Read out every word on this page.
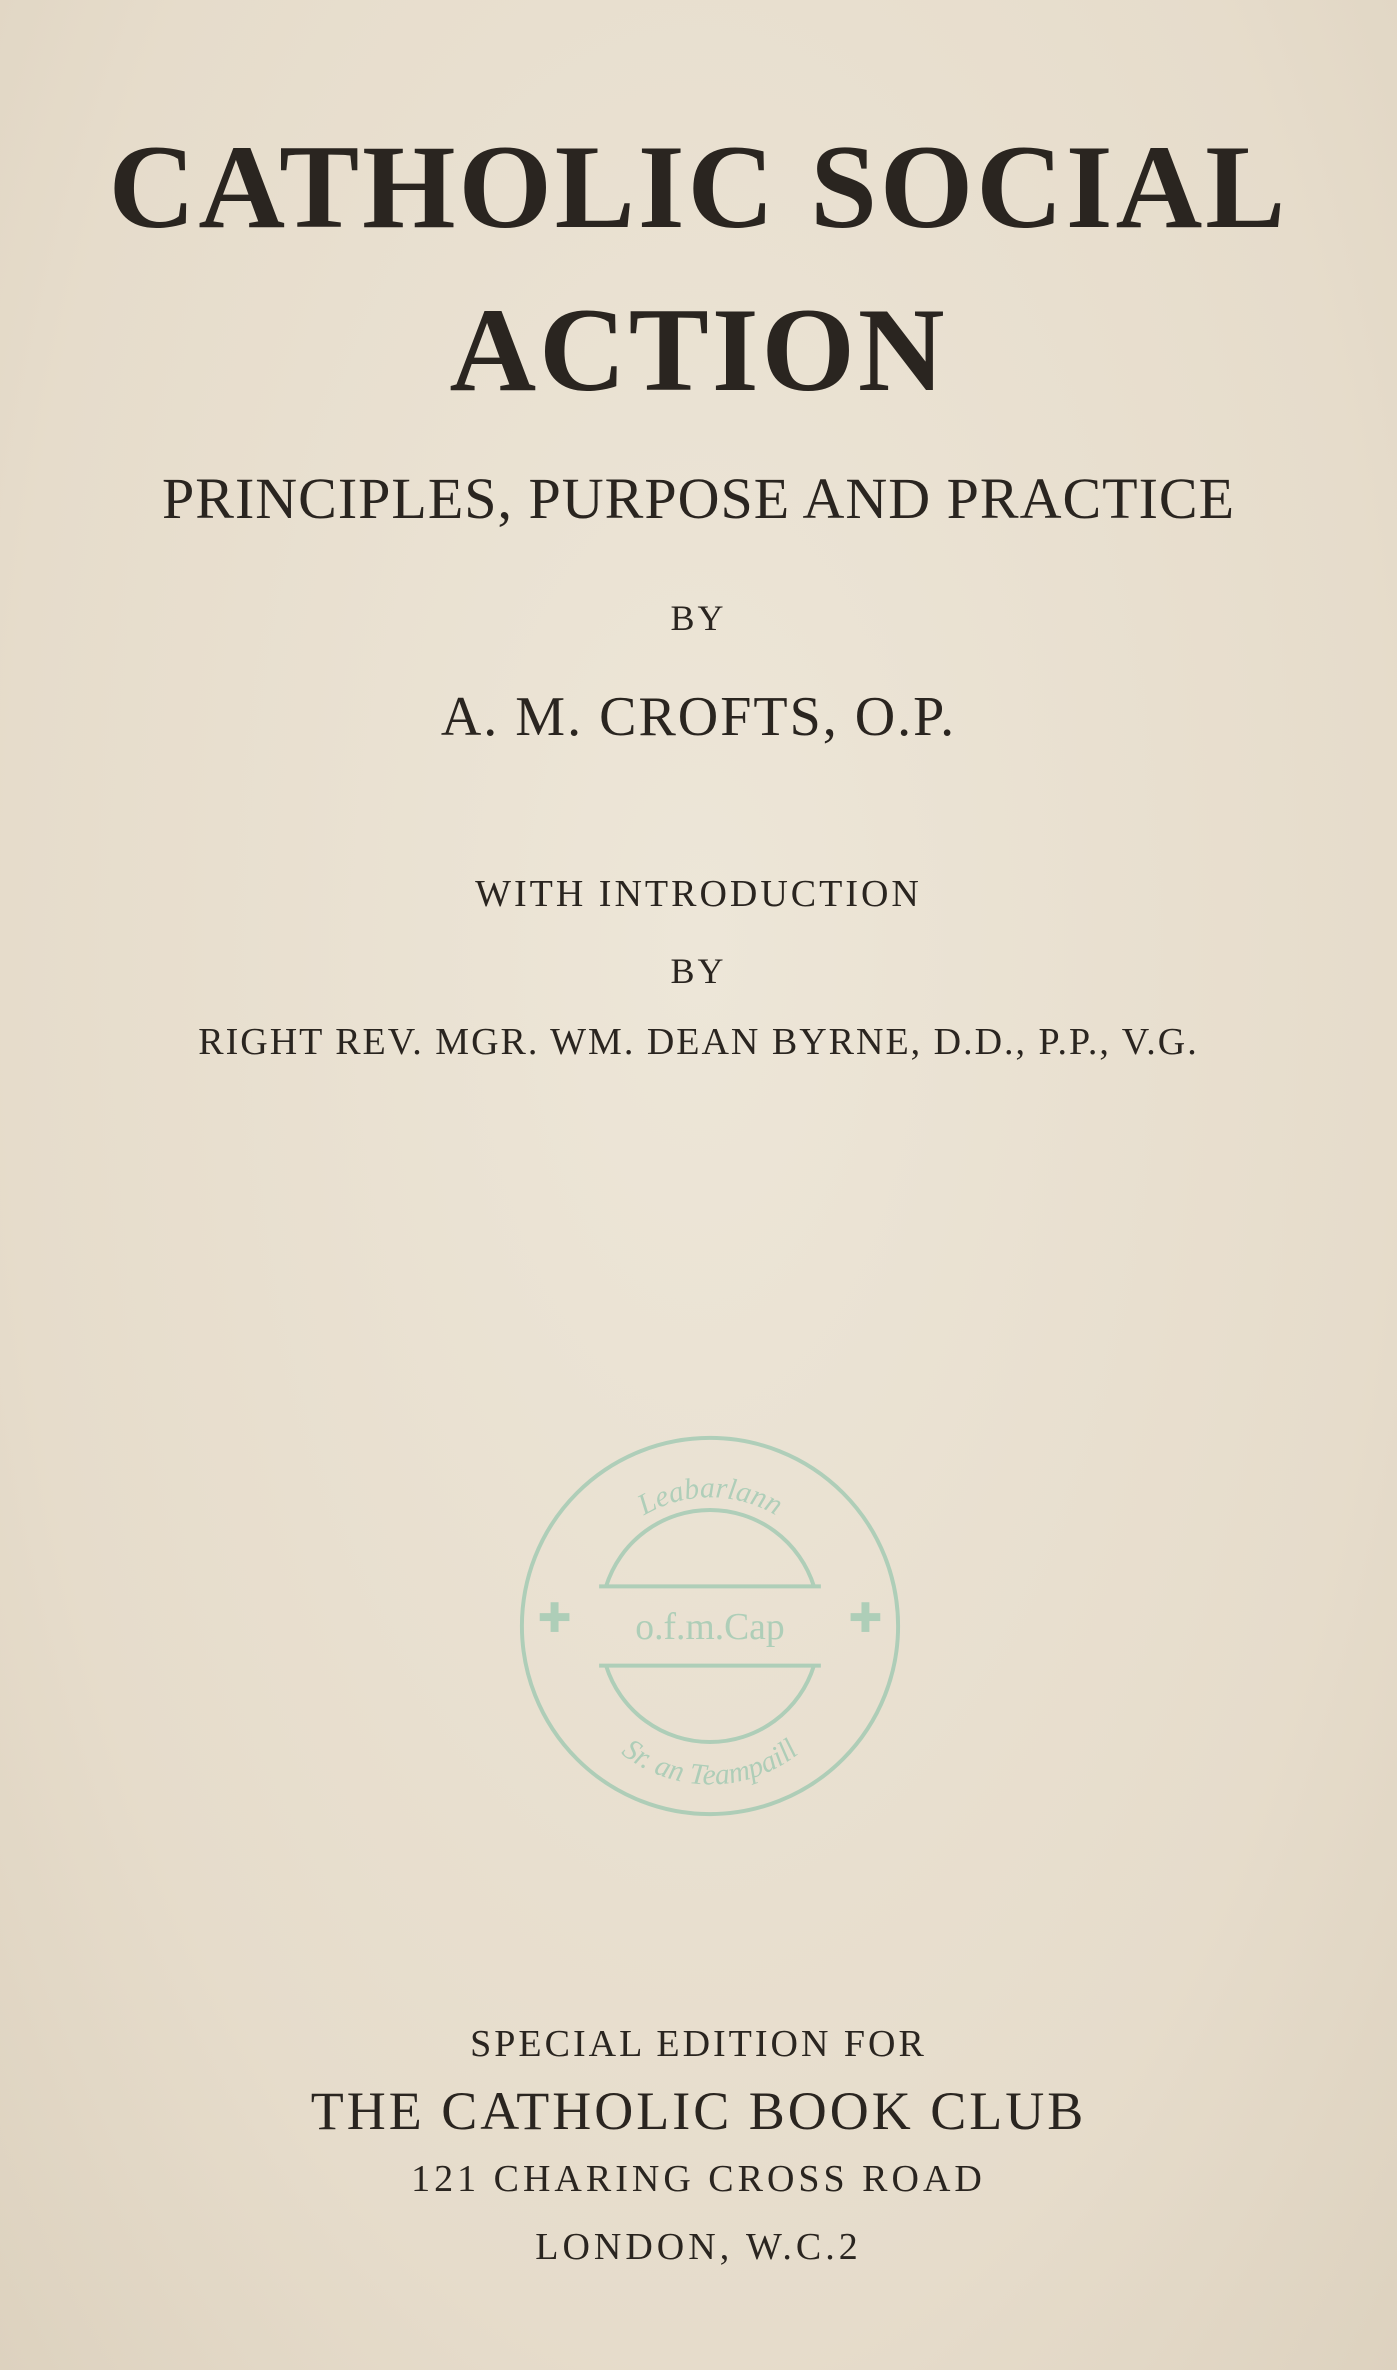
CATHOLIC SOCIAL
ACTION

PRINCIPLES, PURPOSE AND PRACTICE

BY

A. M. CROFTS, O.P.

WITH INTRODUCTION

BY

RIGHT REV. MGR. WM. DEAN BYRNE, D.D., P.P., V.G.

o.f.m.Cap
Leabarlann
Sr. an Teampaill

SPECIAL EDITION FOR

THE CATHOLIC BOOK CLUB

121 CHARING CROSS ROAD

LONDON, W.C.2
